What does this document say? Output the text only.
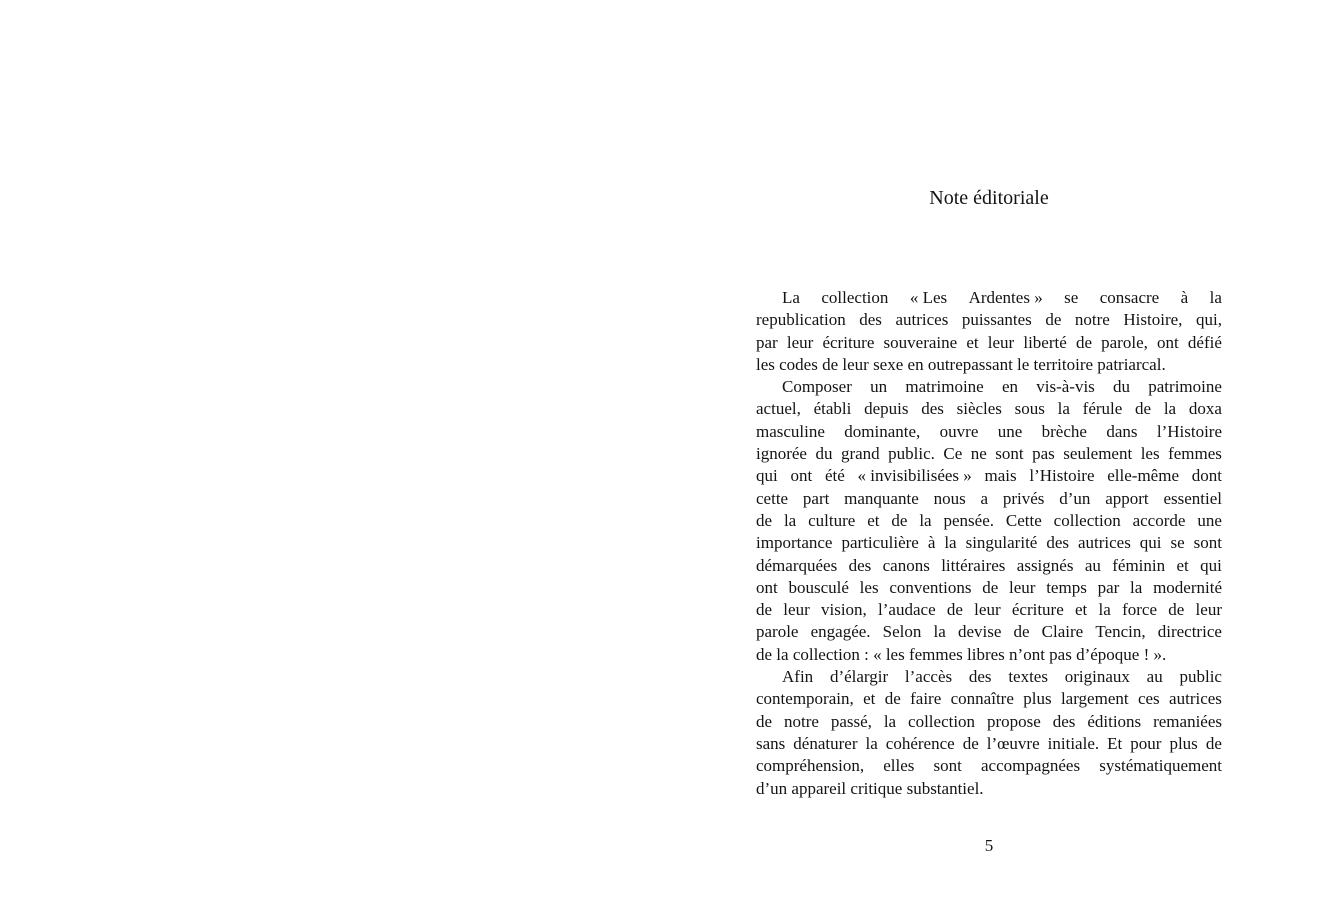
Note éditoriale
La collection « Les Ardentes » se consacre à la
republication des autrices puissantes de notre Histoire, qui,
par leur écriture souveraine et leur liberté de parole, ont défié
les codes de leur sexe en outrepassant le territoire patriarcal.
Composer un matrimoine en vis-à-vis du patrimoine
actuel, établi depuis des siècles sous la férule de la doxa
masculine dominante, ouvre une brèche dans l’Histoire
ignorée du grand public. Ce ne sont pas seulement les femmes
qui ont été « invisibilisées » mais l’Histoire elle-même dont
cette part manquante nous a privés d’un apport essentiel
de la culture et de la pensée. Cette collection accorde une
importance particulière à la singularité des autrices qui se sont
démarquées des canons littéraires assignés au féminin et qui
ont bousculé les conventions de leur temps par la modernité
de leur vision, l’audace de leur écriture et la force de leur
parole engagée. Selon la devise de Claire Tencin, directrice
de la collection : « les femmes libres n’ont pas d’époque ! ».
Afin d’élargir l’accès des textes originaux au public
contemporain, et de faire connaître plus largement ces autrices
de notre passé, la collection propose des éditions remaniées
sans dénaturer la cohérence de l’œuvre initiale. Et pour plus de
compréhension, elles sont accompagnées systématiquement
d’un appareil critique substantiel.
5
